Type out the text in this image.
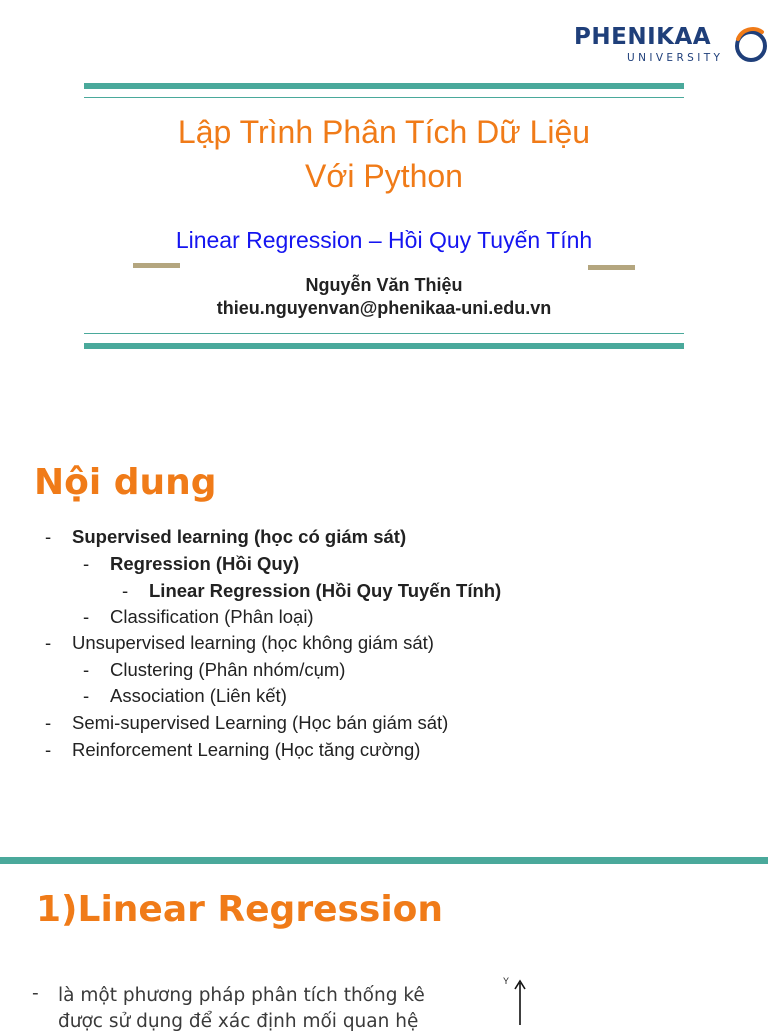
PHENIKAA
UNIVERSITY
Lập Trình Phân Tích Dữ Liệu
Với Python
Linear Regression – Hồi Quy Tuyến Tính
Nguyễn Văn Thiệu
thieu.nguyenvan@phenikaa-uni.edu.vn
Nội dung
- Supervised learning (học có giám sát)
- Regression (Hồi Quy)
- Linear Regression (Hồi Quy Tuyến Tính)
- Classification (Phân loại)
- Unsupervised learning (học không giám sát)
- Clustering (Phân nhóm/cụm)
- Association (Liên kết)
- Semi-supervised Learning (Học bán giám sát)
- Reinforcement Learning (Học tăng cường)
1)Linear Regression
- là một phương pháp phân tích thống kê
được sử dụng để xác định mối quan hệ
Y
